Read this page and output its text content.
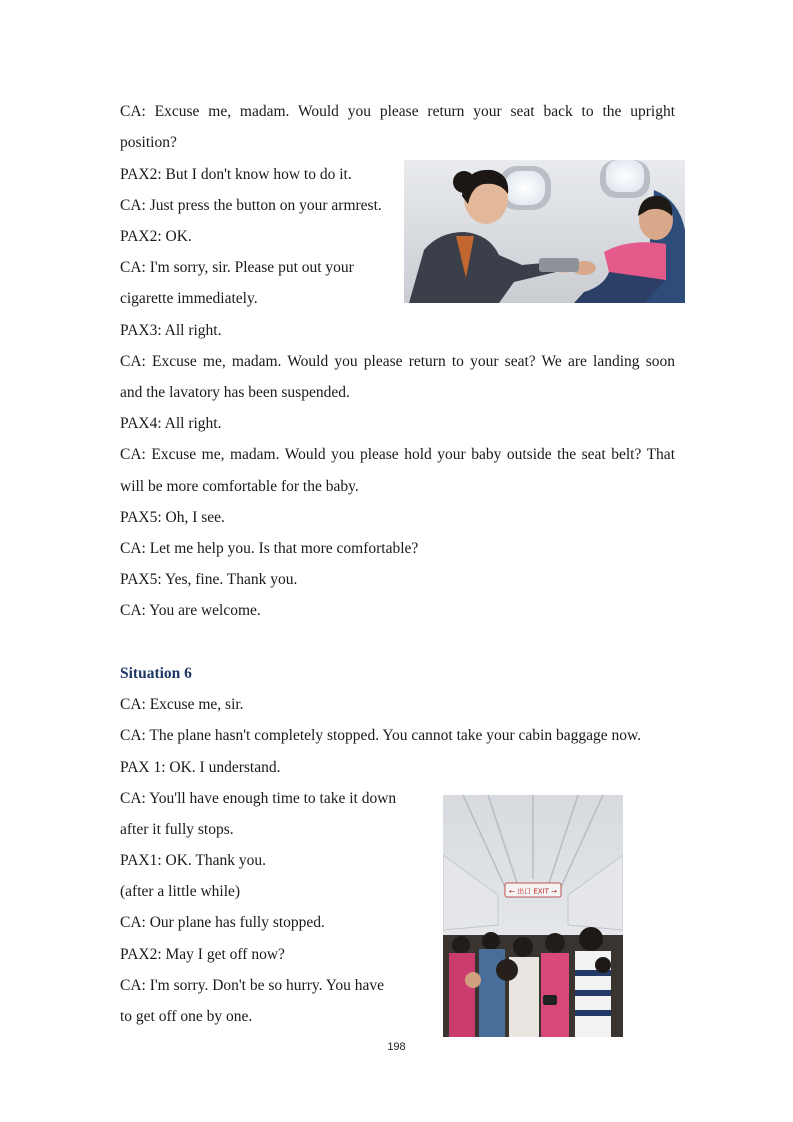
CA: Excuse me, madam. Would you please return your seat back to the upright
position?
PAX2: But I don't know how to do it.
CA: Just press the button on your armrest.
PAX2: OK.
CA: I'm sorry, sir. Please put out your
cigarette immediately.
PAX3: All right.
CA: Excuse me, madam. Would you please return to your seat? We are landing soon
and the lavatory has been suspended.
PAX4: All right.
CA: Excuse me, madam. Would you please hold your baby outside the seat belt? That
will be more comfortable for the baby.
PAX5: Oh, I see.
CA: Let me help you. Is that more comfortable?
PAX5: Yes, fine. Thank you.
CA: You are welcome.
Situation 6
CA: Excuse me, sir.
CA: The plane hasn't completely stopped. You cannot take your cabin baggage now.
PAX 1: OK. I understand.
CA: You'll have enough time to take it down
after it fully stops.
PAX1: OK. Thank you.
(after a little while)
CA: Our plane has fully stopped.
PAX2: May I get off now?
CA: I'm sorry. Don't be so hurry. You have
to get off one by one.
← 出口 EXIT →
198
